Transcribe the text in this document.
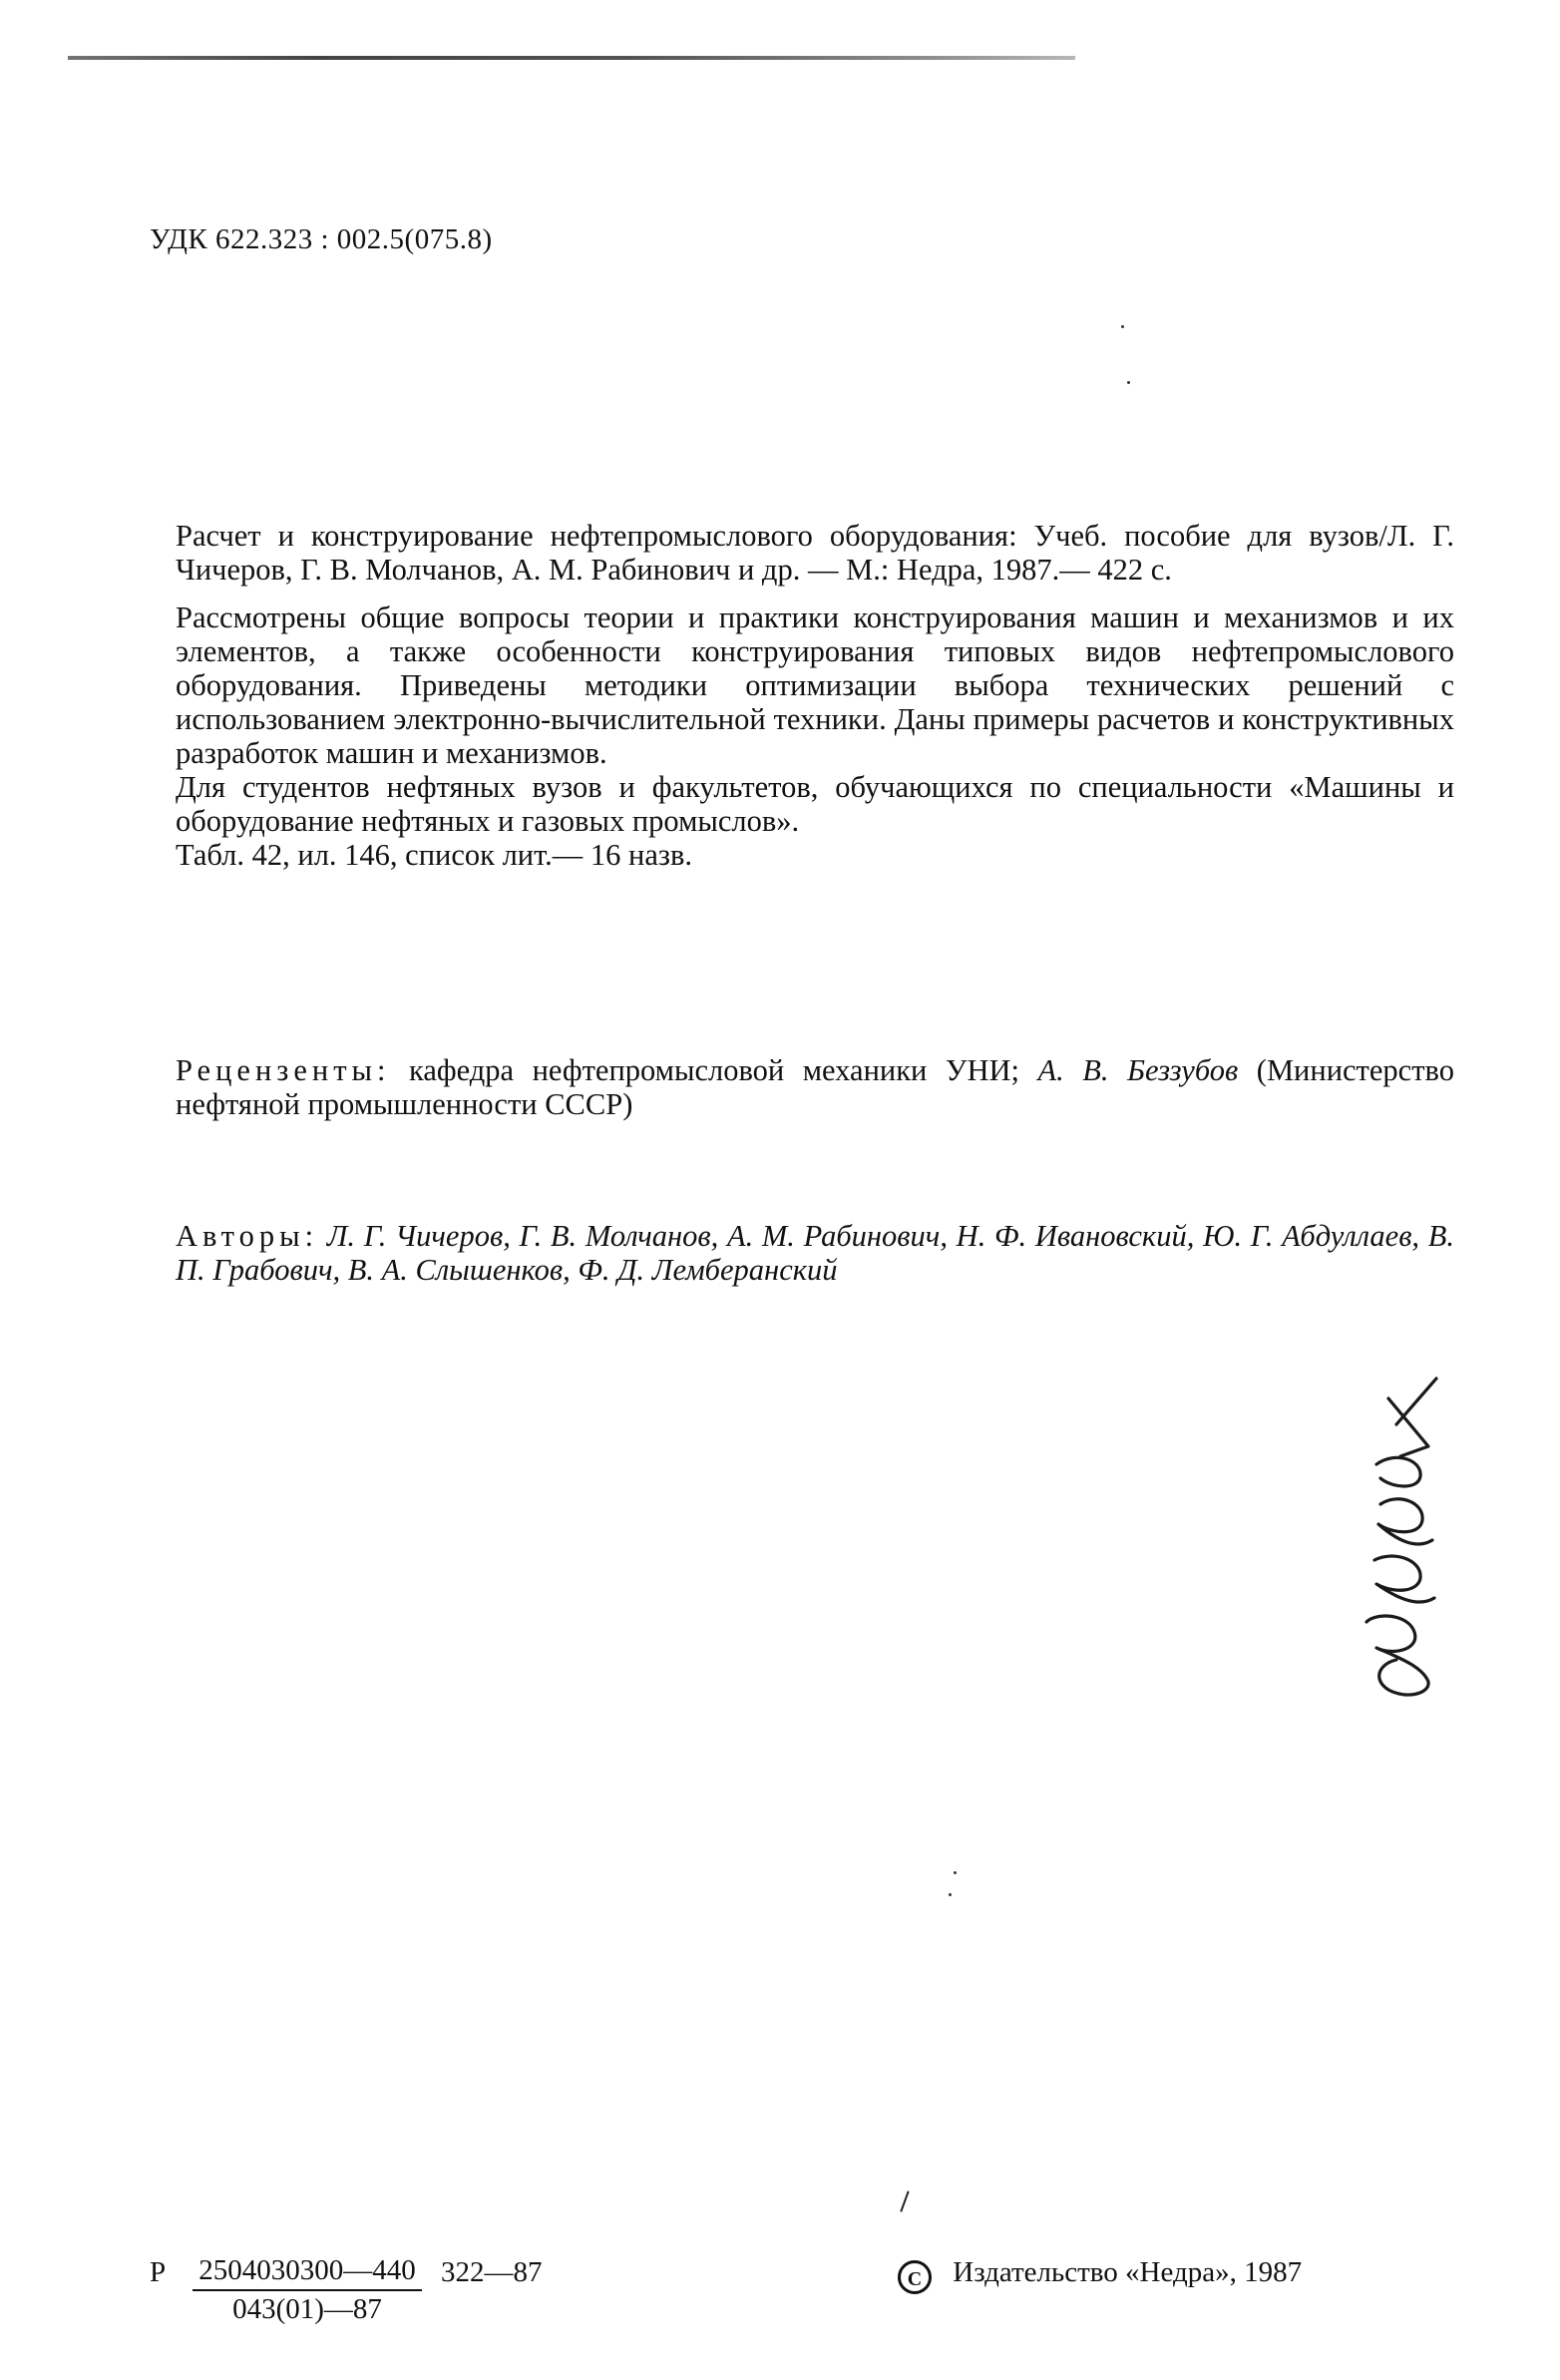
УДК 622.323 : 002.5(075.8)

Расчет и конструирование нефтепромыслового оборудования: Учеб. пособие для вузов/Л. Г. Чичеров, Г. В. Молчанов, А. М. Рабинович и др. — М.: Недра, 1987.— 422 с.

Рассмотрены общие вопросы теории и практики конструирования машин и механизмов и их элементов, а также особенности конструирования типовых видов нефтепромыслового оборудования. Приведены методики оптимизации выбора технических решений с использованием электронно-вычислительной техники. Даны примеры расчетов и конструктивных разработок машин и механизмов.

Для студентов нефтяных вузов и факультетов, обучающихся по специальности «Машины и оборудование нефтяных и газовых промыслов».

Табл. 42, ил. 146, список лит.— 16 назв.

Рецензенты: кафедра нефтепромысловой механики УНИ; А. В. Беззубов (Министерство нефтяной промышленности СССР)

Авторы: Л. Г. Чичеров, Г. В. Молчанов, А. М. Рабинович, Н. Ф. Ивановский, Ю. Г. Абдуллаев, В. П. Грабович, В. А. Слышенков, Ф. Д. Лемберанский

Р $\frac{2504030300—440}{043(01)—87}$ 322—87	С Издательство «Недра», 1987
